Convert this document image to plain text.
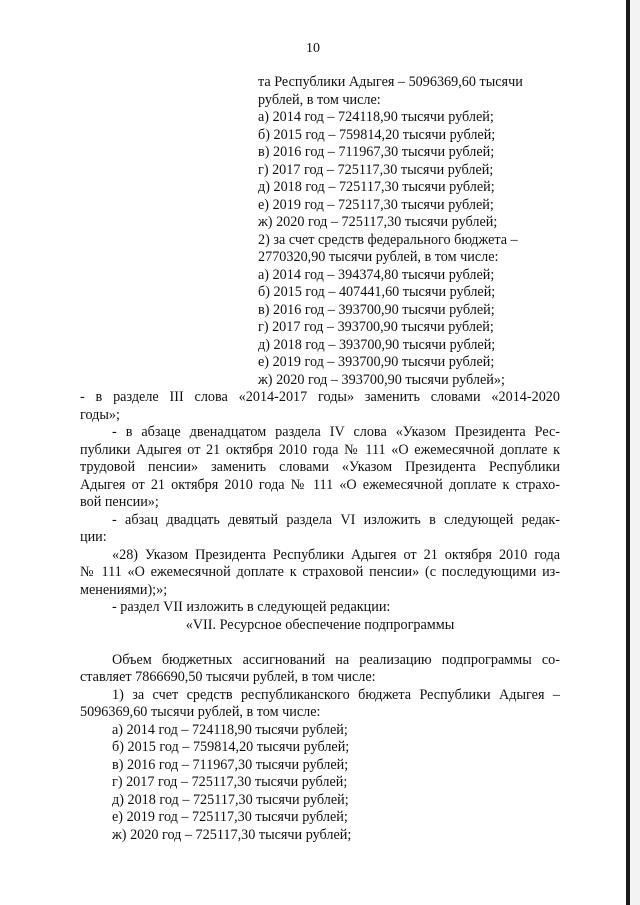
10
та Республики Адыгея – 5096369,60 тысячи
рублей, в том числе:
а) 2014 год – 724118,90 тысячи рублей;
б) 2015 год – 759814,20 тысячи рублей;
в) 2016 год – 711967,30 тысячи рублей;
г) 2017 год – 725117,30 тысячи рублей;
д) 2018 год – 725117,30 тысячи рублей;
е) 2019 год – 725117,30 тысячи рублей;
ж) 2020 год – 725117,30 тысячи рублей;
2) за счет средств федерального бюджета –
2770320,90 тысячи рублей, в том числе:
а) 2014 год – 394374,80 тысячи рублей;
б) 2015 год – 407441,60 тысячи рублей;
в) 2016 год – 393700,90 тысячи рублей;
г) 2017 год – 393700,90 тысячи рублей;
д) 2018 год – 393700,90 тысячи рублей;
е) 2019 год – 393700,90 тысячи рублей;
ж) 2020 год – 393700,90 тысячи рублей»;
- в разделе III слова «2014-2017 годы» заменить словами «2014-2020
годы»;
- в абзаце двенадцатом раздела IV слова «Указом Президента Рес-
публики Адыгея от 21 октября 2010 года № 111 «О ежемесячной доплате к
трудовой пенсии» заменить словами «Указом Президента Республики
Адыгея от 21 октября 2010 года № 111 «О ежемесячной доплате к страхо-
вой пенсии»;
- абзац двадцать девятый раздела VI изложить в следующей редак-
ции:
«28) Указом Президента Республики Адыгея от 21 октября 2010 года
№ 111 «О ежемесячной доплате к страховой пенсии» (с последующими из-
менениями);»;
- раздел VII изложить в следующей редакции:
«VII. Ресурсное обеспечение подпрограммы
Объем бюджетных ассигнований на реализацию подпрограммы со-
ставляет 7866690,50 тысячи рублей, в том числе:
1) за счет средств республиканского бюджета Республики Адыгея –
5096369,60 тысячи рублей, в том числе:
а) 2014 год – 724118,90 тысячи рублей;
б) 2015 год – 759814,20 тысячи рублей;
в) 2016 год – 711967,30 тысячи рублей;
г) 2017 год – 725117,30 тысячи рублей;
д) 2018 год – 725117,30 тысячи рублей;
е) 2019 год – 725117,30 тысячи рублей;
ж) 2020 год – 725117,30 тысячи рублей;
